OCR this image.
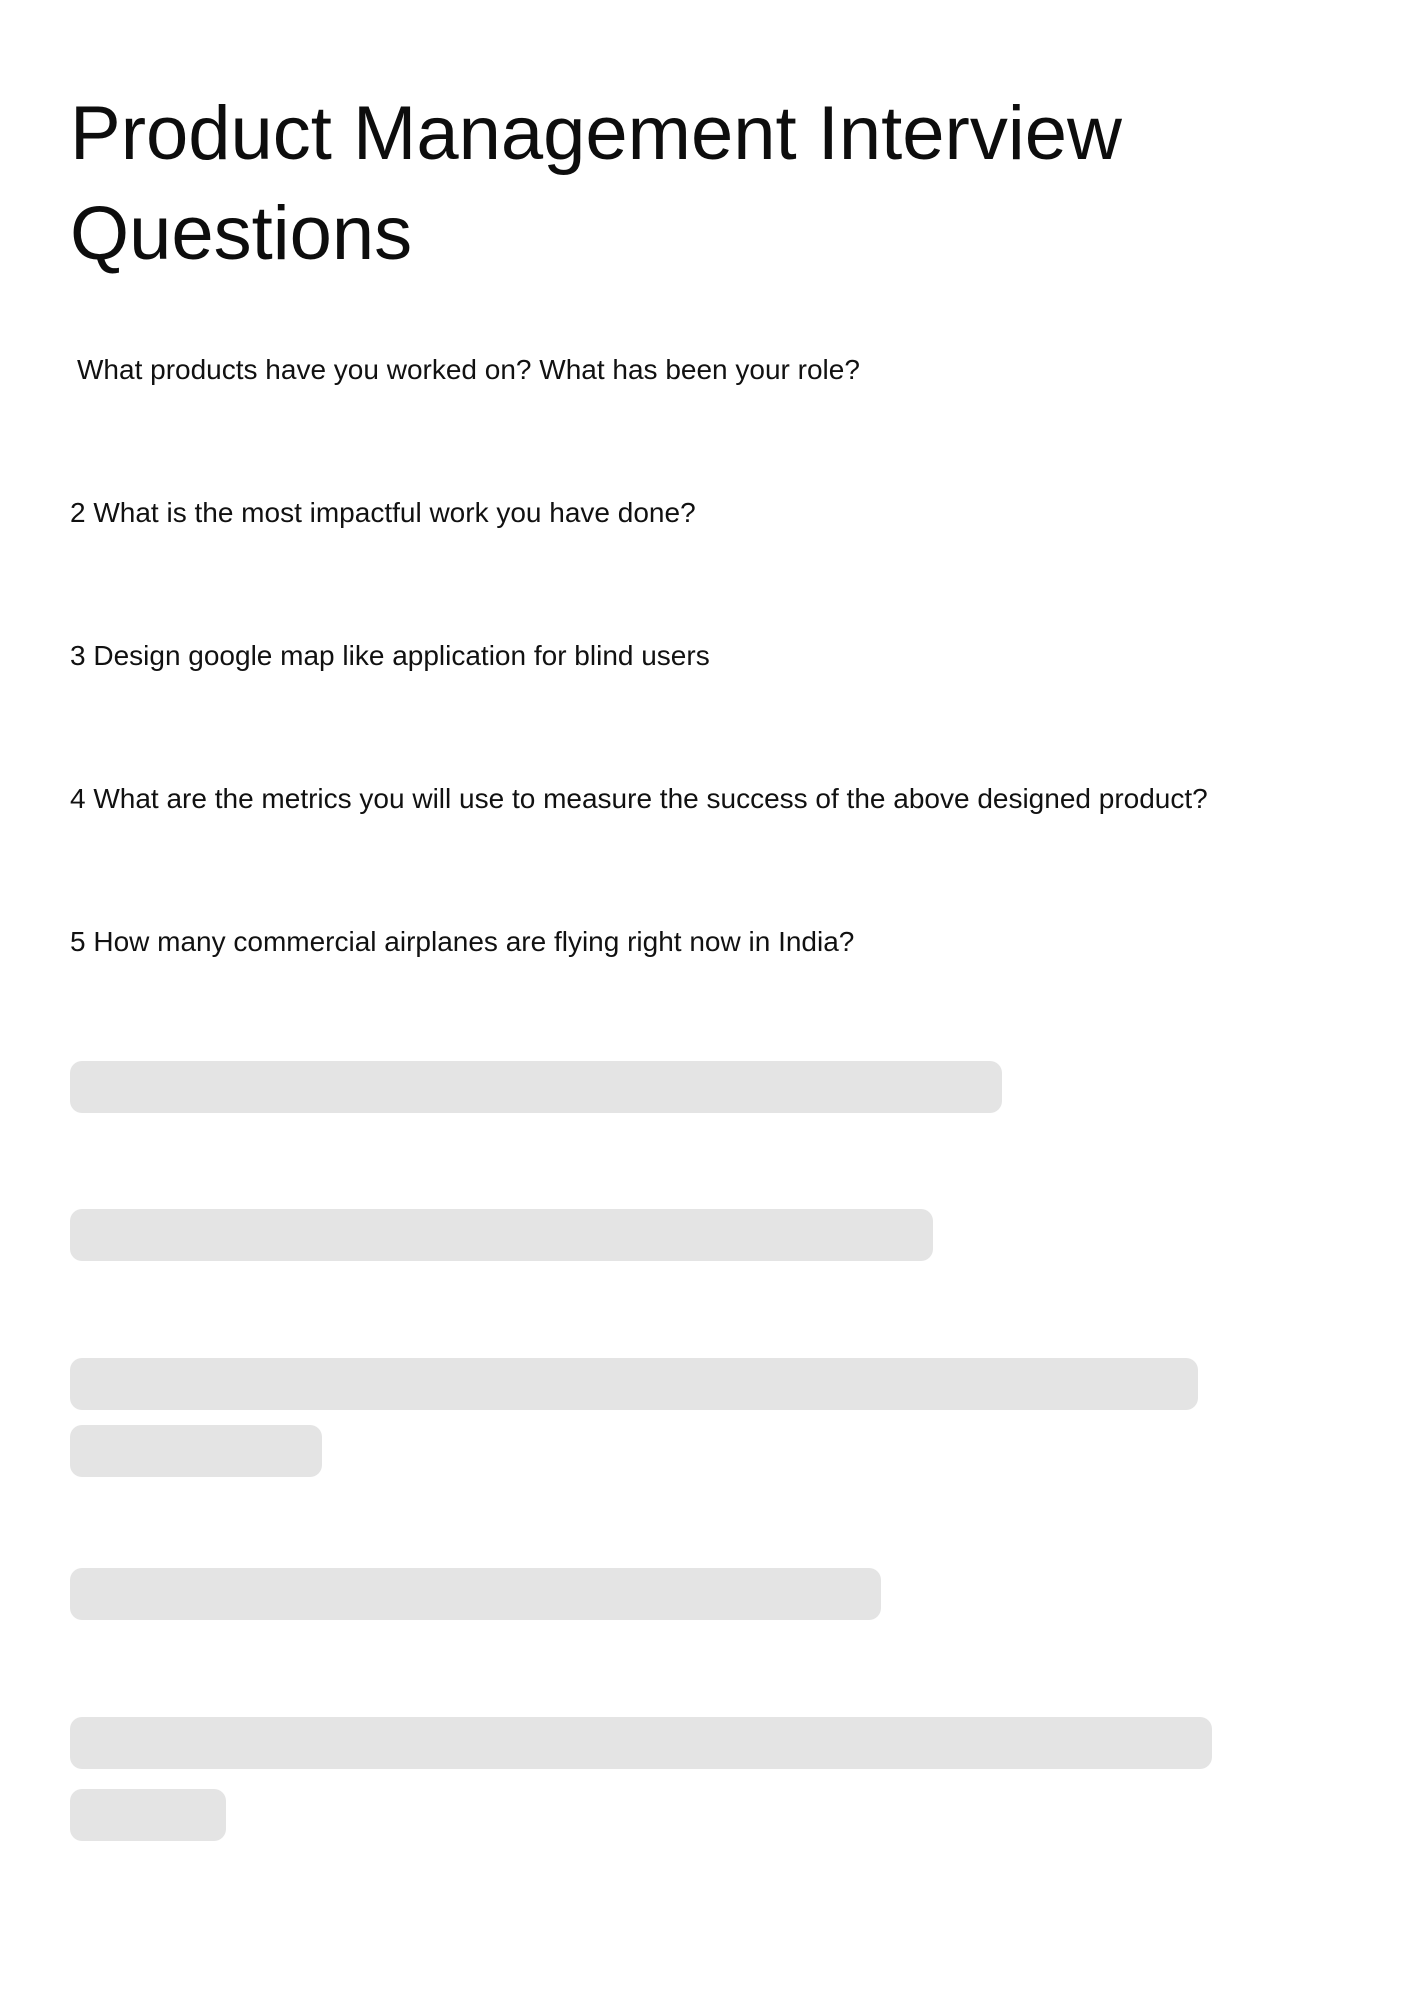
Product Management Interview Questions

What products have you worked on? What has been your role?

2 What is the most impactful work you have done?

3 Design google map like application for blind users

4 What are the metrics you will use to measure the success of the above designed product?

5 How many commercial airplanes are flying right now in India?
